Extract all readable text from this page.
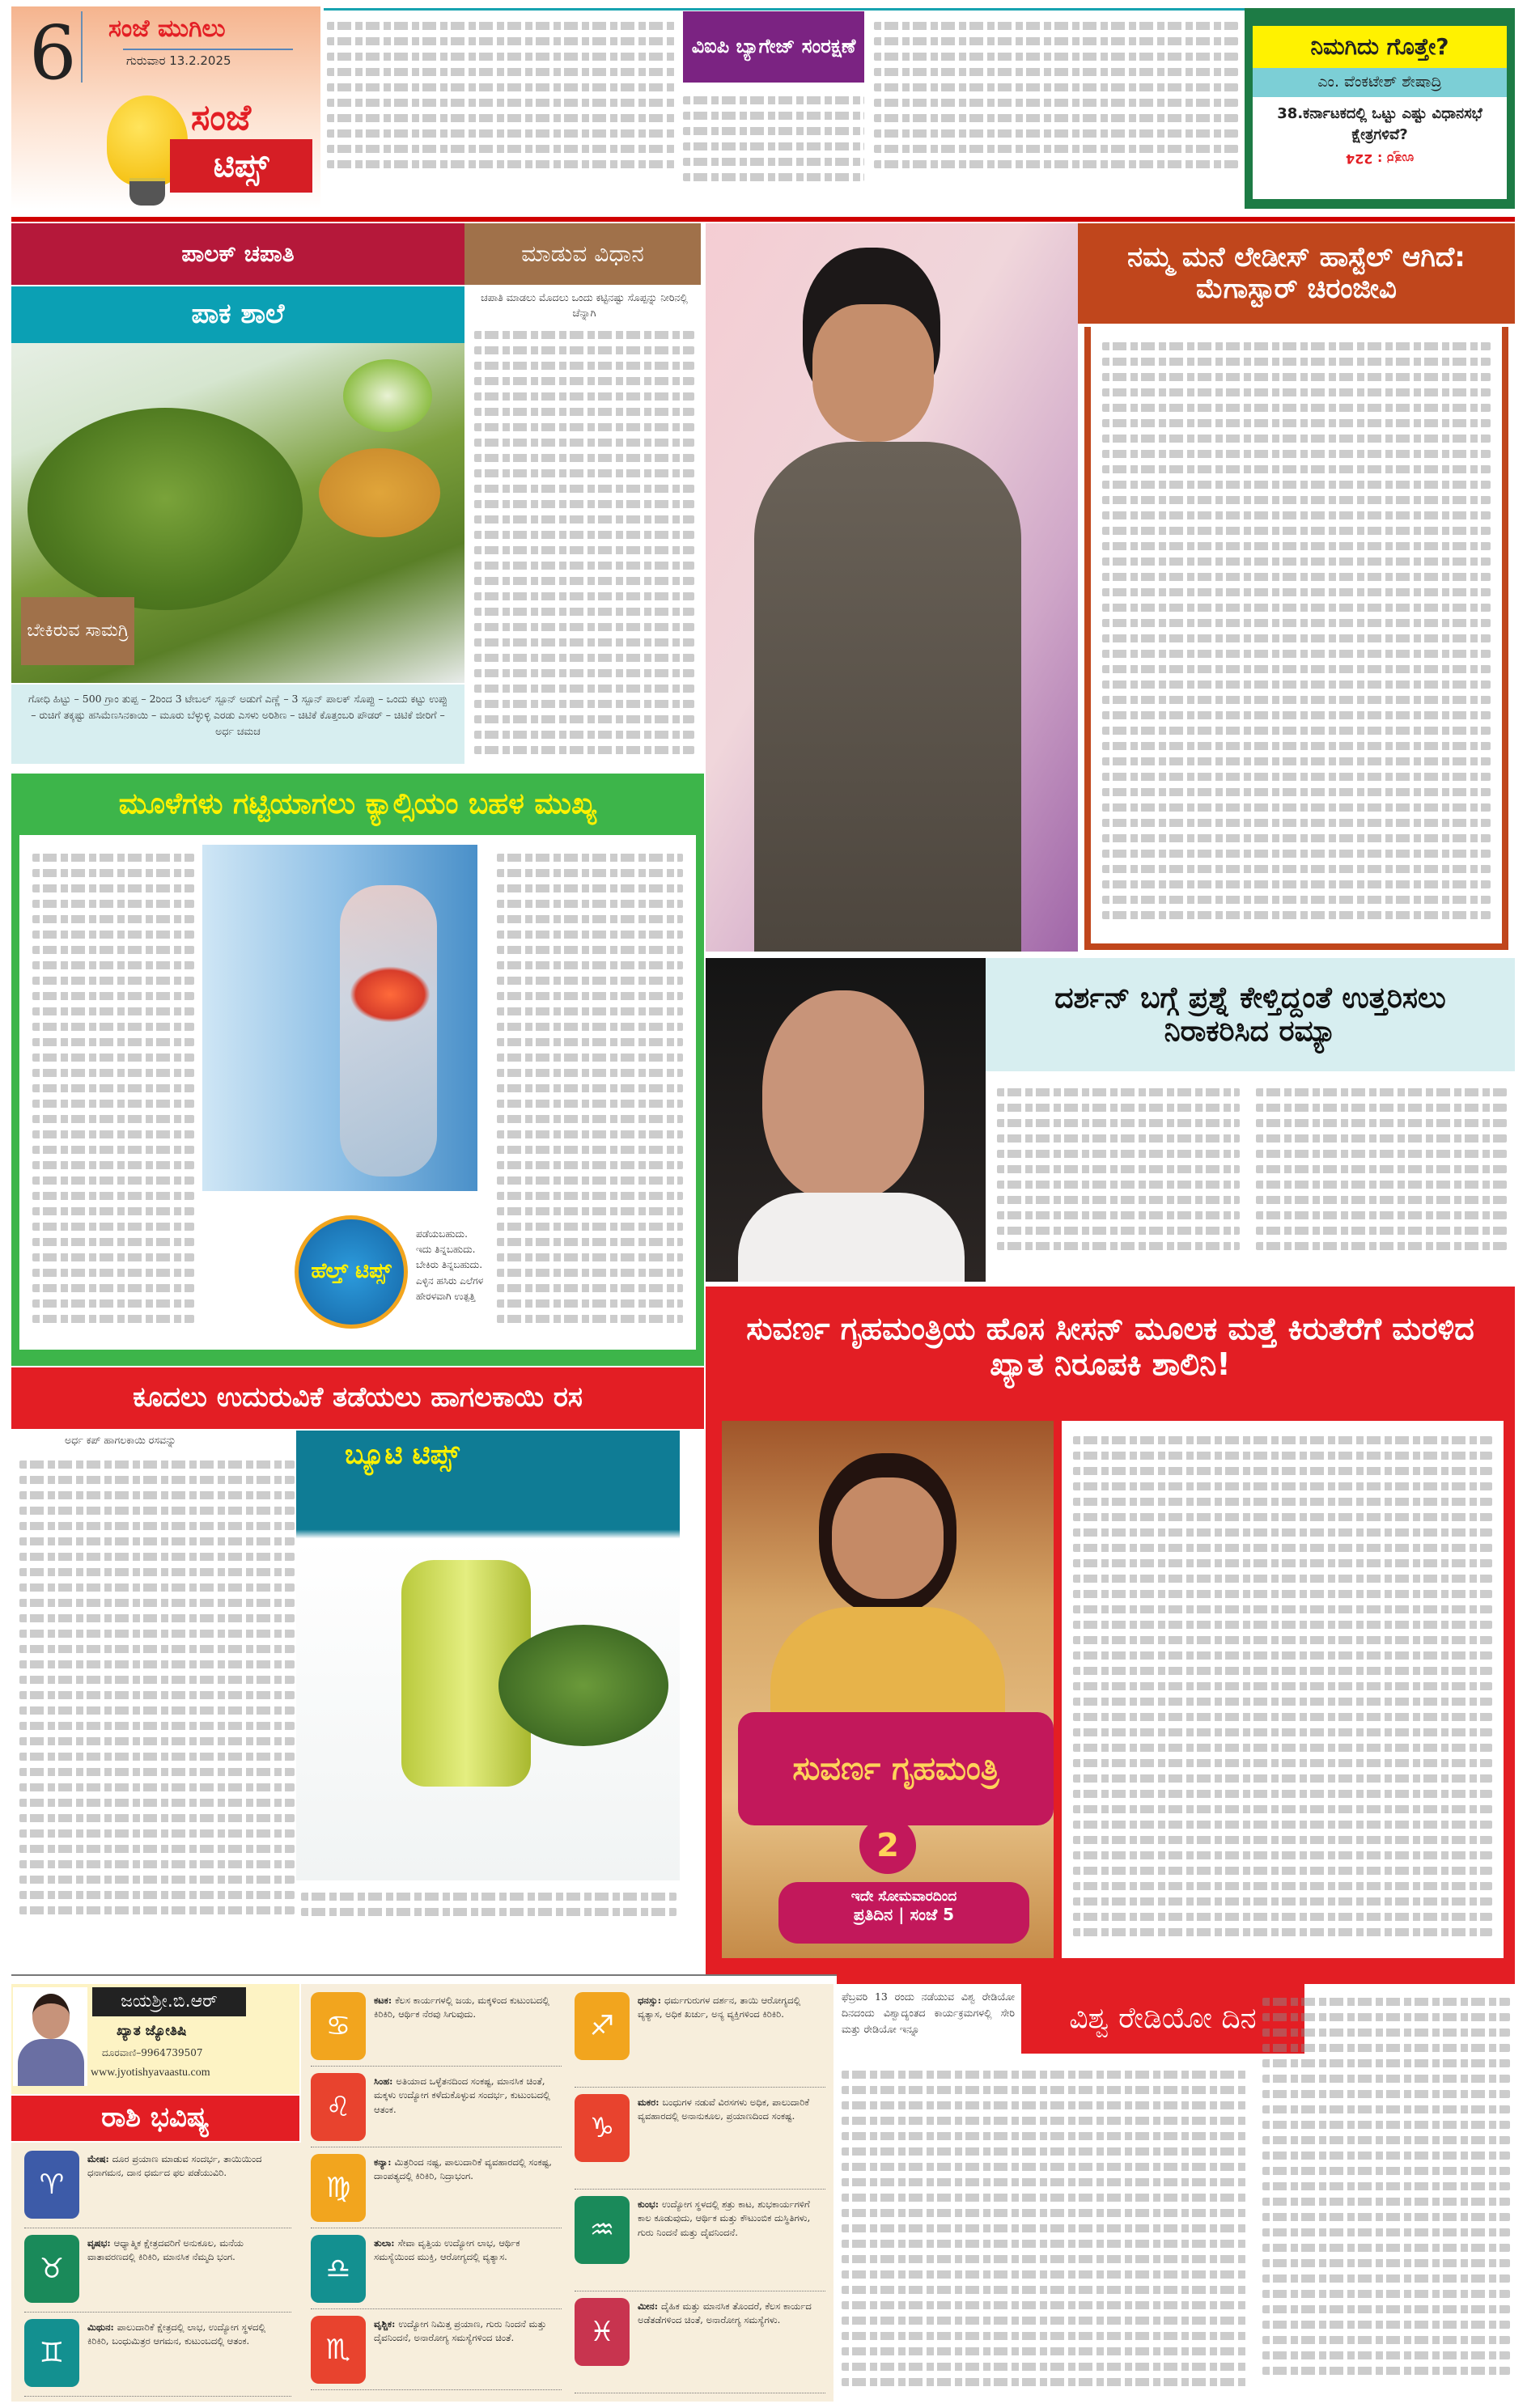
6 ಸಂಜೆ ಮುಗಿಲು
ಗುರುವಾರ 13.2.2025
ಸಂಜೆ
ಟಿಪ್ಸ್
ವಿಐಪಿ ಬ್ಯಾಗೇಜ್ ಸಂರಕ್ಷಣೆ	ನಿಮಗಿದು ಗೊತ್ತೇ?
ಎಂ. ವೆಂಕಟೇಶ್ ಶೇಷಾದ್ರಿ
38.ಕರ್ನಾಟಕದಲ್ಲಿ ಒಟ್ಟು ಎಷ್ಟು ವಿಧಾನಸಭೆ ಕ್ಷೇತ್ರಗಳಿವೆ?
ಉತ್ತರ : 224
ಪಾಲಕ್ ಚಪಾತಿ	ಮಾಡುವ ವಿಧಾನ
ಪಾಕ ಶಾಲೆ
ಬೇಕಿರುವ ಸಾಮಗ್ರಿ
ಗೋಧಿ ಹಿಟ್ಟು – 500 ಗ್ರಾಂ ತುಪ್ಪ – 2ರಿಂದ 3 ಟೇಬಲ್ ಸ್ಪೂನ್ ಅಡುಗೆ ಎಣ್ಣೆ – 3 ಸ್ಪೂನ್ ಪಾಲಕ್ ಸೊಪ್ಪು – ಒಂದು ಕಟ್ಟು ಉಪ್ಪು – ರುಚಿಗೆ ತಕ್ಕಷ್ಟು ಹಸಿಮೆಣಸಿನಕಾಯಿ – ಮೂರು ಬೆಳ್ಳುಳ್ಳಿ ಎರಡು ಎಸಳು ಅರಿಶಿಣ – ಚಿಟಿಕೆ ಕೊತ್ತಂಬರಿ ಪೌಡರ್ – ಚಿಟಿಕೆ ಜೀರಿಗೆ – ಅರ್ಧ ಚಮಚ
ಚಪಾತಿ ಮಾಡಲು ಮೊದಲು ಒಂದು ಕಟ್ಟಿನಷ್ಟು ಸೊಪ್ಪನ್ನು ನೀರಿನಲ್ಲಿ ಚೆನ್ನಾಗಿ
ನಮ್ಮ ಮನೆ ಲೇಡೀಸ್ ಹಾಸ್ಟೆಲ್ ಆಗಿದೆ: ಮೆಗಾಸ್ಟಾರ್ ಚಿರಂಜೀವಿ
ಮೂಳೆಗಳು ಗಟ್ಟಿಯಾಗಲು ಕ್ಯಾಲ್ಸಿಯಂ ಬಹಳ ಮುಖ್ಯ
ಹೆಲ್ತ್ ಟಿಪ್ಸ್
ಪಡೆಯಬಹುದು. ಇದು ತಿನ್ನಬಹುದು. ಬೇಕಿರು ತಿನ್ನಬಹುದು. ಎಳ್ಳಿನ ಹಸಿರು ಎಲೆಗಳ ಹೇರಳವಾಗಿ ಉತ್ಪತ್ತಿ
ದರ್ಶನ್ ಬಗ್ಗೆ ಪ್ರಶ್ನೆ ಕೇಳ್ತಿದ್ದಂತೆ ಉತ್ತರಿಸಲು ನಿರಾಕರಿಸಿದ ರಮ್ಯಾ
ಸುವರ್ಣ ಗೃಹಮಂತ್ರಿಯ ಹೊಸ ಸೀಸನ್ ಮೂಲಕ ಮತ್ತೆ ಕಿರುತೆರೆಗೆ ಮರಳಿದ ಖ್ಯಾತ ನಿರೂಪಕಿ ಶಾಲಿನಿ!
ಸುವರ್ಣ ಗೃಹಮಂತ್ರಿ
2
ಇದೇ ಸೋಮವಾರದಿಂದ
ಪ್ರತಿದಿನ | ಸಂಜೆ 5
ಕೂದಲು ಉದುರುವಿಕೆ ತಡೆಯಲು ಹಾಗಲಕಾಯಿ ರಸ
ಅರ್ಧ ಕಪ್ ಹಾಗಲಕಾಯಿ ರಸವನ್ನು	ಬ್ಯೂಟಿ ಟಿಪ್ಸ್
ಜಯಶ್ರೀ.ಬಿ.ಆರ್
ಖ್ಯಾತ ಜ್ಯೋತಿಷಿ
ದೂರವಾಣಿ–9964739507
www.jyotishyavaastu.com
ರಾಶಿ ಭವಿಷ್ಯ
♈
ಮೇಷ: ದೂರ ಪ್ರಯಾಣ ಮಾಡುವ ಸಂದರ್ಭ, ತಾಯಿಯಿಂದ ಧನಾಗಮನ, ದಾನ ಧರ್ಮದ ಫಲ ಪಡೆಯುವಿರಿ.
♉
ವೃಷಭ: ಆಧ್ಯಾತ್ಮಿಕ ಕ್ಷೇತ್ರದವರಿಗೆ ಅನುಕೂಲ, ಮನೆಯ ವಾತಾವರಣದಲ್ಲಿ ಕಿರಿಕಿರಿ, ಮಾನಸಿಕ ನೆಮ್ಮದಿ ಭಂಗ.
♊
ಮಿಥುನ: ಪಾಲುದಾರಿಕೆ ಕ್ಷೇತ್ರದಲ್ಲಿ ಲಾಭ, ಉದ್ಯೋಗ ಸ್ಥಳದಲ್ಲಿ ಕಿರಿಕಿರಿ, ಬಂಧುಮಿತ್ರರ ಆಗಮನ, ಕುಟುಂಬದಲ್ಲಿ ಆತಂಕ.
♋
ಕಟಕ: ಕೆಲಸ ಕಾರ್ಯಗಳಲ್ಲಿ ಜಯ, ಮಕ್ಕಳಿಂದ ಕುಟುಂಬದಲ್ಲಿ ಕಿರಿಕಿರಿ, ಆರ್ಥಿಕ ನೆರವು ಸಿಗುವುದು.
♌
ಸಿಂಹ: ಅತಿಯಾದ ಒಳ್ಳೆತನದಿಂದ ಸಂಕಷ್ಟ, ಮಾನಸಿಕ ಚಿಂತೆ, ಮಕ್ಕಳು ಉದ್ಯೋಗ ಕಳೆದುಕೊಳ್ಳುವ ಸಂದರ್ಭ, ಕುಟುಂಬದಲ್ಲಿ ಆತಂಕ.
♍
ಕನ್ಯಾ: ಮಿತ್ರರಿಂದ ನಷ್ಟ, ಪಾಲುದಾರಿಕೆ ವ್ಯವಹಾರದಲ್ಲಿ ಸಂಕಷ್ಟ, ದಾಂಪತ್ಯದಲ್ಲಿ ಕಿರಿಕಿರಿ, ನಿದ್ರಾಭಂಗ.
♎
ತುಲಾ: ಸೇವಾ ವೃತ್ತಿಯ ಉದ್ಯೋಗ ಲಾಭ, ಆರ್ಥಿಕ ಸಮಸ್ಯೆಯಿಂದ ಮುಕ್ತಿ, ಆರೋಗ್ಯದಲ್ಲಿ ವ್ಯತ್ಯಾಸ.
♏
ವೃಶ್ಚಿಕ: ಉದ್ಯೋಗ ನಿಮಿತ್ತ ಪ್ರಯಾಣ, ಗುರು ನಿಂದನೆ ಮತ್ತು ದೈವನಿಂದನೆ, ಅನಾರೋಗ್ಯ ಸಮಸ್ಯೆಗಳಿಂದ ಚಿಂತೆ.
♐
ಧನಸ್ಸು: ಧರ್ಮಗುರುಗಳ ದರ್ಶನ, ತಾಯಿ ಆರೋಗ್ಯದಲ್ಲಿ ವ್ಯತ್ಯಾಸ, ಅಧಿಕ ಖರ್ಚು, ಅನ್ಯ ವ್ಯಕ್ತಿಗಳಿಂದ ಕಿರಿಕಿರಿ.
♑
ಮಕರ: ಬಂಧುಗಳ ನಡುವೆ ವಿರಸಗಳು ಅಧಿಕ, ಪಾಲುದಾರಿಕೆ ವ್ಯವಹಾರದಲ್ಲಿ ಅನಾನುಕೂಲ, ಪ್ರಯಾಣದಿಂದ ಸಂಕಷ್ಟ.
♒
ಕುಂಭ: ಉದ್ಯೋಗ ಸ್ಥಳದಲ್ಲಿ ಶತ್ರು ಕಾಟ, ಶುಭಕಾರ್ಯಗಳಿಗೆ ಕಾಲ ಕೂಡುವುದು, ಆರ್ಥಿಕ ಮತ್ತು ಕೌಟುಂಬಿಕ ದುಸ್ಥಿತಿಗಳು, ಗುರು ನಿಂದನೆ ಮತ್ತು ದೈವನಿಂದನೆ.
♓
ಮೀನ: ದೈಹಿಕ ಮತ್ತು ಮಾನಸಿಕ ತೊಂದರೆ, ಕೆಲಸ ಕಾರ್ಯದ ಅಡೆತಡೆಗಳಿಂದ ಚಿಂತೆ, ಅನಾರೋಗ್ಯ ಸಮಸ್ಯೆಗಳು.
ವಿಶ್ವ ರೇಡಿಯೋ ದಿನ
ಫೆಬ್ರವರಿ 13 ರಂದು ನಡೆಯುವ ವಿಶ್ವ ರೇಡಿಯೋ ದಿನದಂದು ವಿಶ್ವಾದ್ಯಂತದ ಕಾರ್ಯಕ್ರಮಗಳಲ್ಲಿ ಸೇರಿ ಮತ್ತು ರೇಡಿಯೋ ಇನ್ನೂ
